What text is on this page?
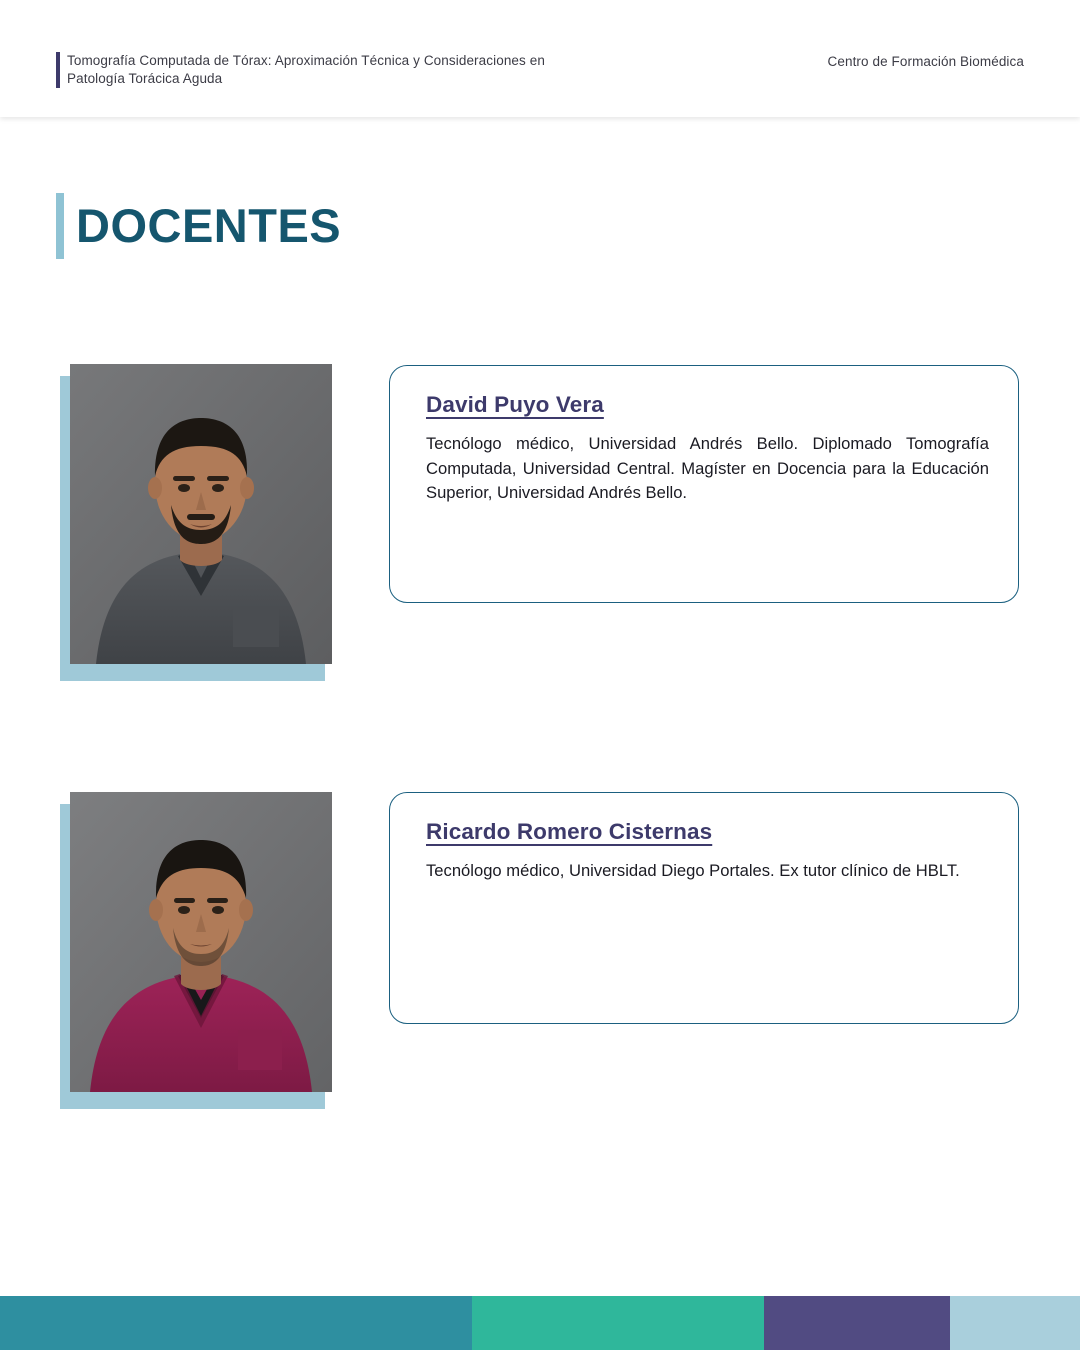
Tomografía Computada de Tórax: Aproximación Técnica y Consideraciones en Patología Torácica Aguda
Centro de Formación Biomédica
DOCENTES
David Puyo Vera
Tecnólogo médico, Universidad Andrés Bello. Diplomado Tomografía Computada, Universidad Central. Magíster en Docencia para la Educación Superior, Universidad Andrés Bello.
Ricardo Romero Cisternas
Tecnólogo médico, Universidad Diego Portales. Ex tutor clínico de HBLT.
